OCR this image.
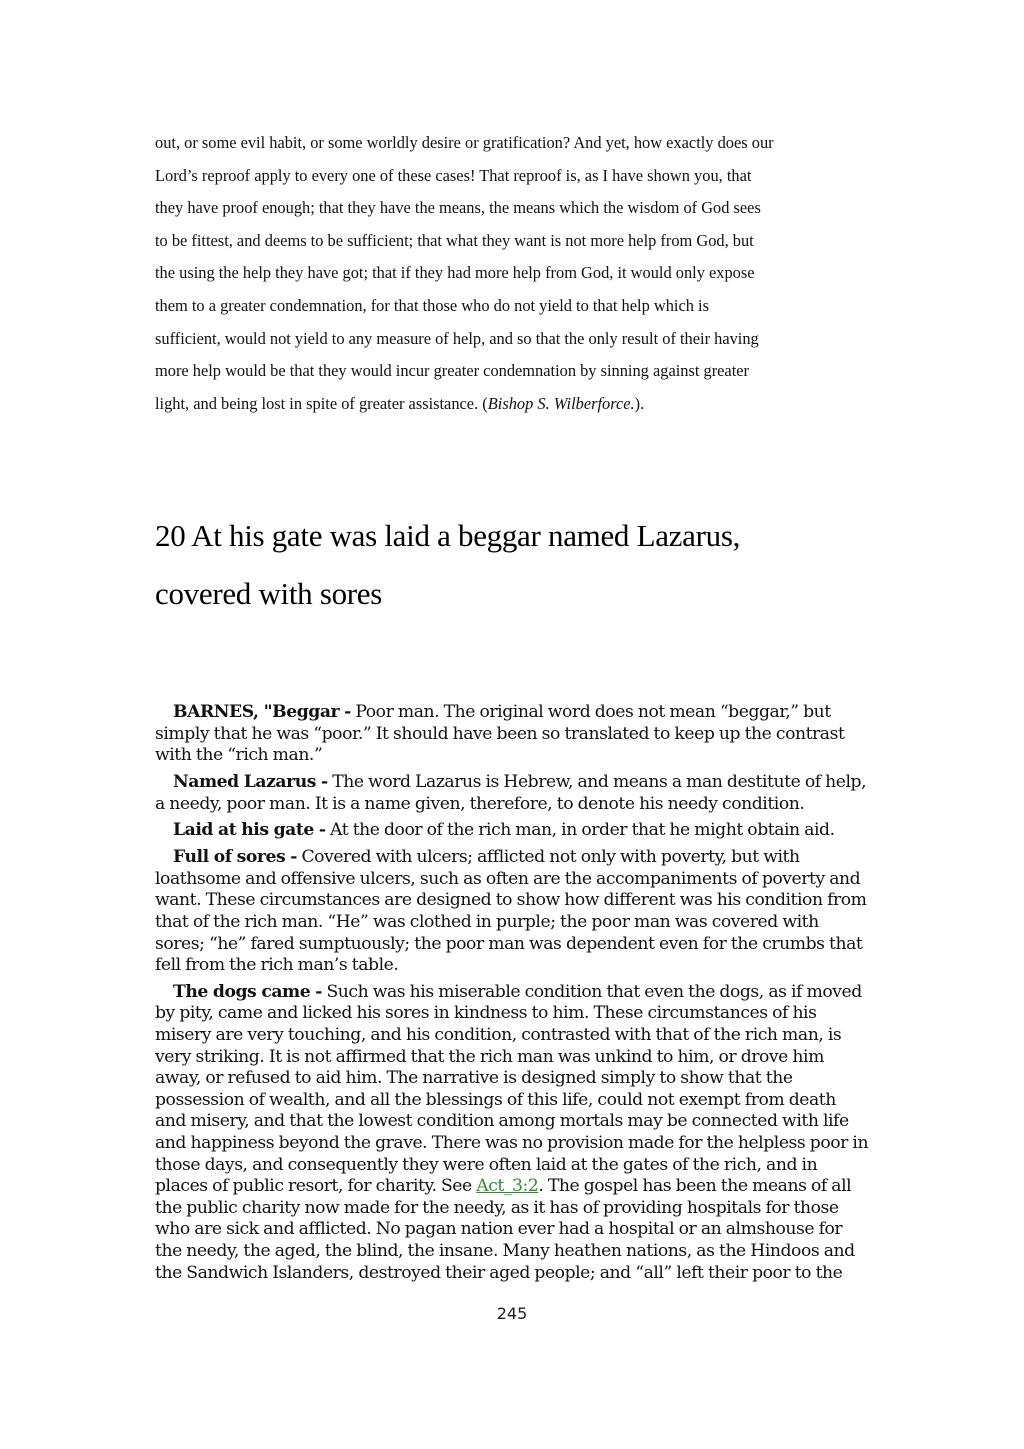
out, or some evil habit, or some worldly desire or gratification? And yet, how exactly does our
Lord’s reproof apply to every one of these cases! That reproof is, as I have shown you, that
they have proof enough; that they have the means, the means which the wisdom of God sees
to be fittest, and deems to be sufficient; that what they want is not more help from God, but
the using the help they have got; that if they had more help from God, it would only expose
them to a greater condemnation, for that those who do not yield to that help which is
sufficient, would not yield to any measure of help, and so that the only result of their having
more help would be that they would incur greater condemnation by sinning against greater
light, and being lost in spite of greater assistance. (Bishop S. Wilberforce.).
20 At his gate was laid a beggar named Lazarus,
covered with sores

BARNES, "Beggar - Poor man. The original word does not mean “beggar,” but simply that he was “poor.” It should have been so translated to keep up the contrast with the “rich man.”

Named Lazarus - The word Lazarus is Hebrew, and means a man destitute of help, a needy, poor man. It is a name given, therefore, to denote his needy condition.

Laid at his gate - At the door of the rich man, in order that he might obtain aid.

Full of sores - Covered with ulcers; afflicted not only with poverty, but with loathsome and offensive ulcers, such as often are the accompaniments of poverty and want. These circumstances are designed to show how different was his condition from that of the rich man. “He” was clothed in purple; the poor man was covered with sores; “he” fared sumptuously; the poor man was dependent even for the crumbs that fell from the rich man’s table.

The dogs came - Such was his miserable condition that even the dogs, as if moved by pity, came and licked his sores in kindness to him. These circumstances of his misery are very touching, and his condition, contrasted with that of the rich man, is very striking. It is not affirmed that the rich man was unkind to him, or drove him away, or refused to aid him. The narrative is designed simply to show that the possession of wealth, and all the blessings of this life, could not exempt from death and misery, and that the lowest condition among mortals may be connected with life and happiness beyond the grave. There was no provision made for the helpless poor in those days, and consequently they were often laid at the gates of the rich, and in places of public resort, for charity. See Act_3:2. The gospel has been the means of all the public charity now made for the needy, as it has of providing hospitals for those who are sick and afflicted. No pagan nation ever had a hospital or an almshouse for the needy, the aged, the blind, the insane. Many heathen nations, as the Hindoos and the Sandwich Islanders, destroyed their aged people; and “all” left their poor to the

245
